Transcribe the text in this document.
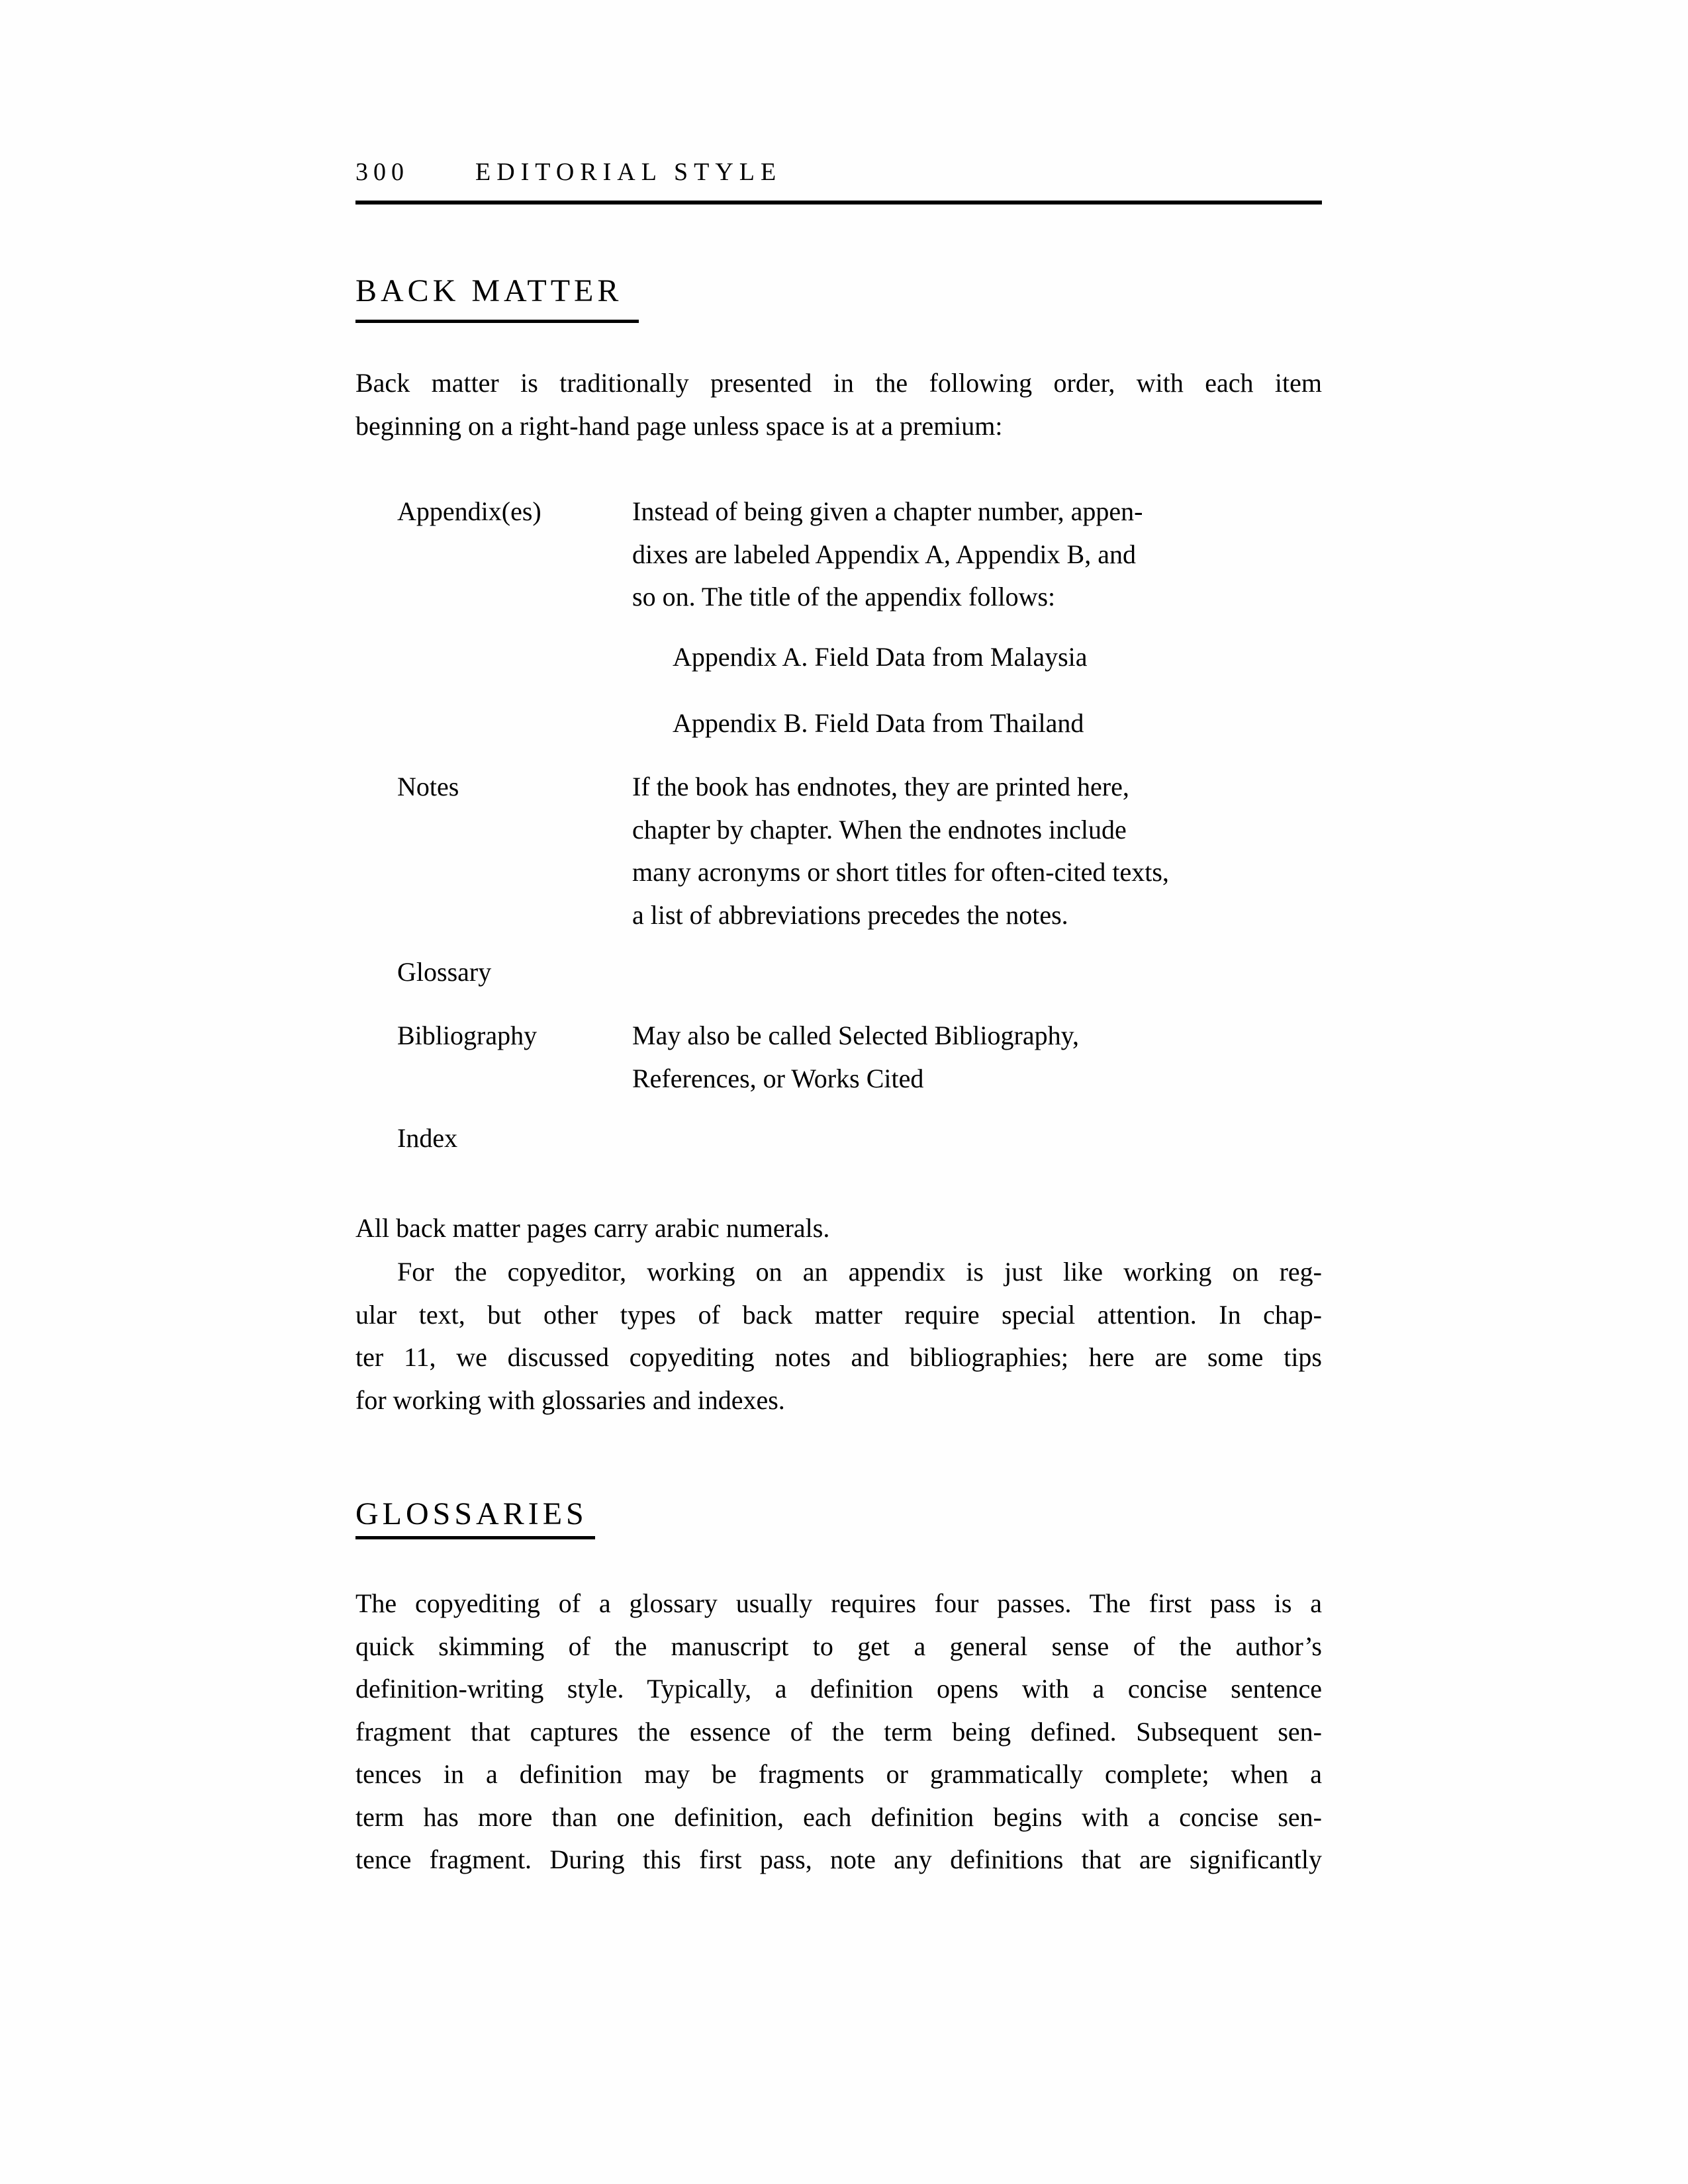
300	EDITORIAL STYLE
BACK MATTER
Back matter is traditionally presented in the following order, with each item
beginning on a right-hand page unless space is at a premium:
Appendix(es)	Instead of being given a chapter number, appen-
dixes are labeled Appendix A, Appendix B, and
so on. The title of the appendix follows:
Appendix A. Field Data from Malaysia
Appendix B. Field Data from Thailand
Notes	If the book has endnotes, they are printed here,
chapter by chapter. When the endnotes include
many acronyms or short titles for often-cited texts,
a list of abbreviations precedes the notes.
Glossary
Bibliography	May also be called Selected Bibliography,
References, or Works Cited
Index
All back matter pages carry arabic numerals.
For the copyeditor, working on an appendix is just like working on reg-
ular text, but other types of back matter require special attention. In chap-
ter 11, we discussed copyediting notes and bibliographies; here are some tips
for working with glossaries and indexes.
GLOSSARIES
The copyediting of a glossary usually requires four passes. The first pass is a
quick skimming of the manuscript to get a general sense of the author’s
definition-writing style. Typically, a definition opens with a concise sentence
fragment that captures the essence of the term being defined. Subsequent sen-
tences in a definition may be fragments or grammatically complete; when a
term has more than one definition, each definition begins with a concise sen-
tence fragment. During this first pass, note any definitions that are significantly
